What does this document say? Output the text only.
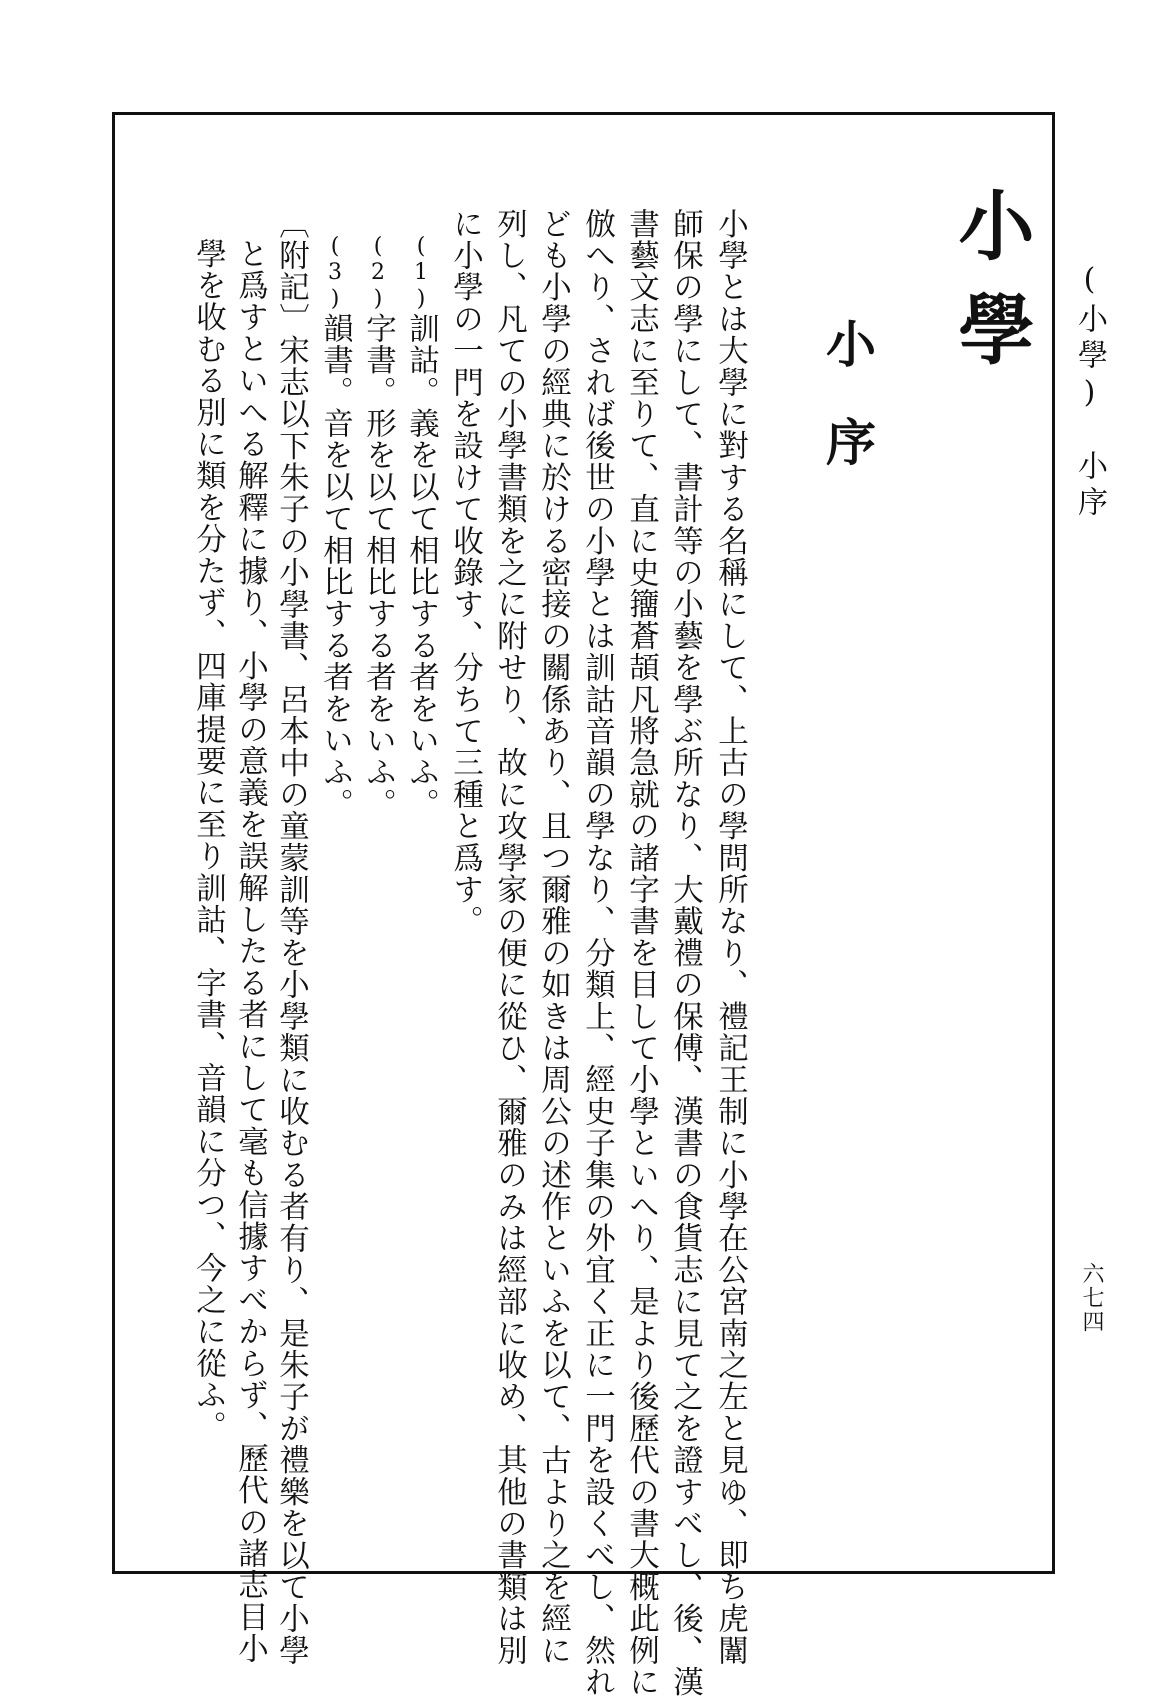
(小學)小序
六七四
小學
小序
小學とは大學に對する名稱にして、上古の學問所なり、禮記王制に小學在公宮南之左と見ゆ、即ち虎闈
師保の學にして、書計等の小藝を學ぶ所なり、大戴禮の保傅、漢書の食貨志に見て之を證すべし、後、漢
書藝文志に至りて、直に史籒蒼頡凡將急就の諸字書を目して小學といへり、是より後歷代の書大概此例に
倣へり、されば後世の小學とは訓詁音韻の學なり、分類上、經史子集の外宜く正に一門を設くべし、然れ
ども小學の經典に於ける密接の關係あり、且つ爾雅の如きは周公の述作といふを以て、古より之を經に
列し、凡ての小學書類を之に附せり、故に攻學家の便に從ひ、爾雅のみは經部に收め、其他の書類は別
に小學の一門を設けて收錄す、分ちて三種と爲す。
(1)訓詁。義を以て相比する者をいふ。
(2)字書。形を以て相比する者をいふ。
(3)韻書。音を以て相比する者をいふ。
〔附記〕宋志以下朱子の小學書、呂本中の童蒙訓等を小學類に收むる者有り、是朱子が禮樂を以て小學
と爲すといへる解釋に據り、小學の意義を誤解したる者にして毫も信據すべからず、歷代の諸志目小
學を收むる別に類を分たず、四庫提要に至り訓詁、字書、音韻に分つ、今之に從ふ。
